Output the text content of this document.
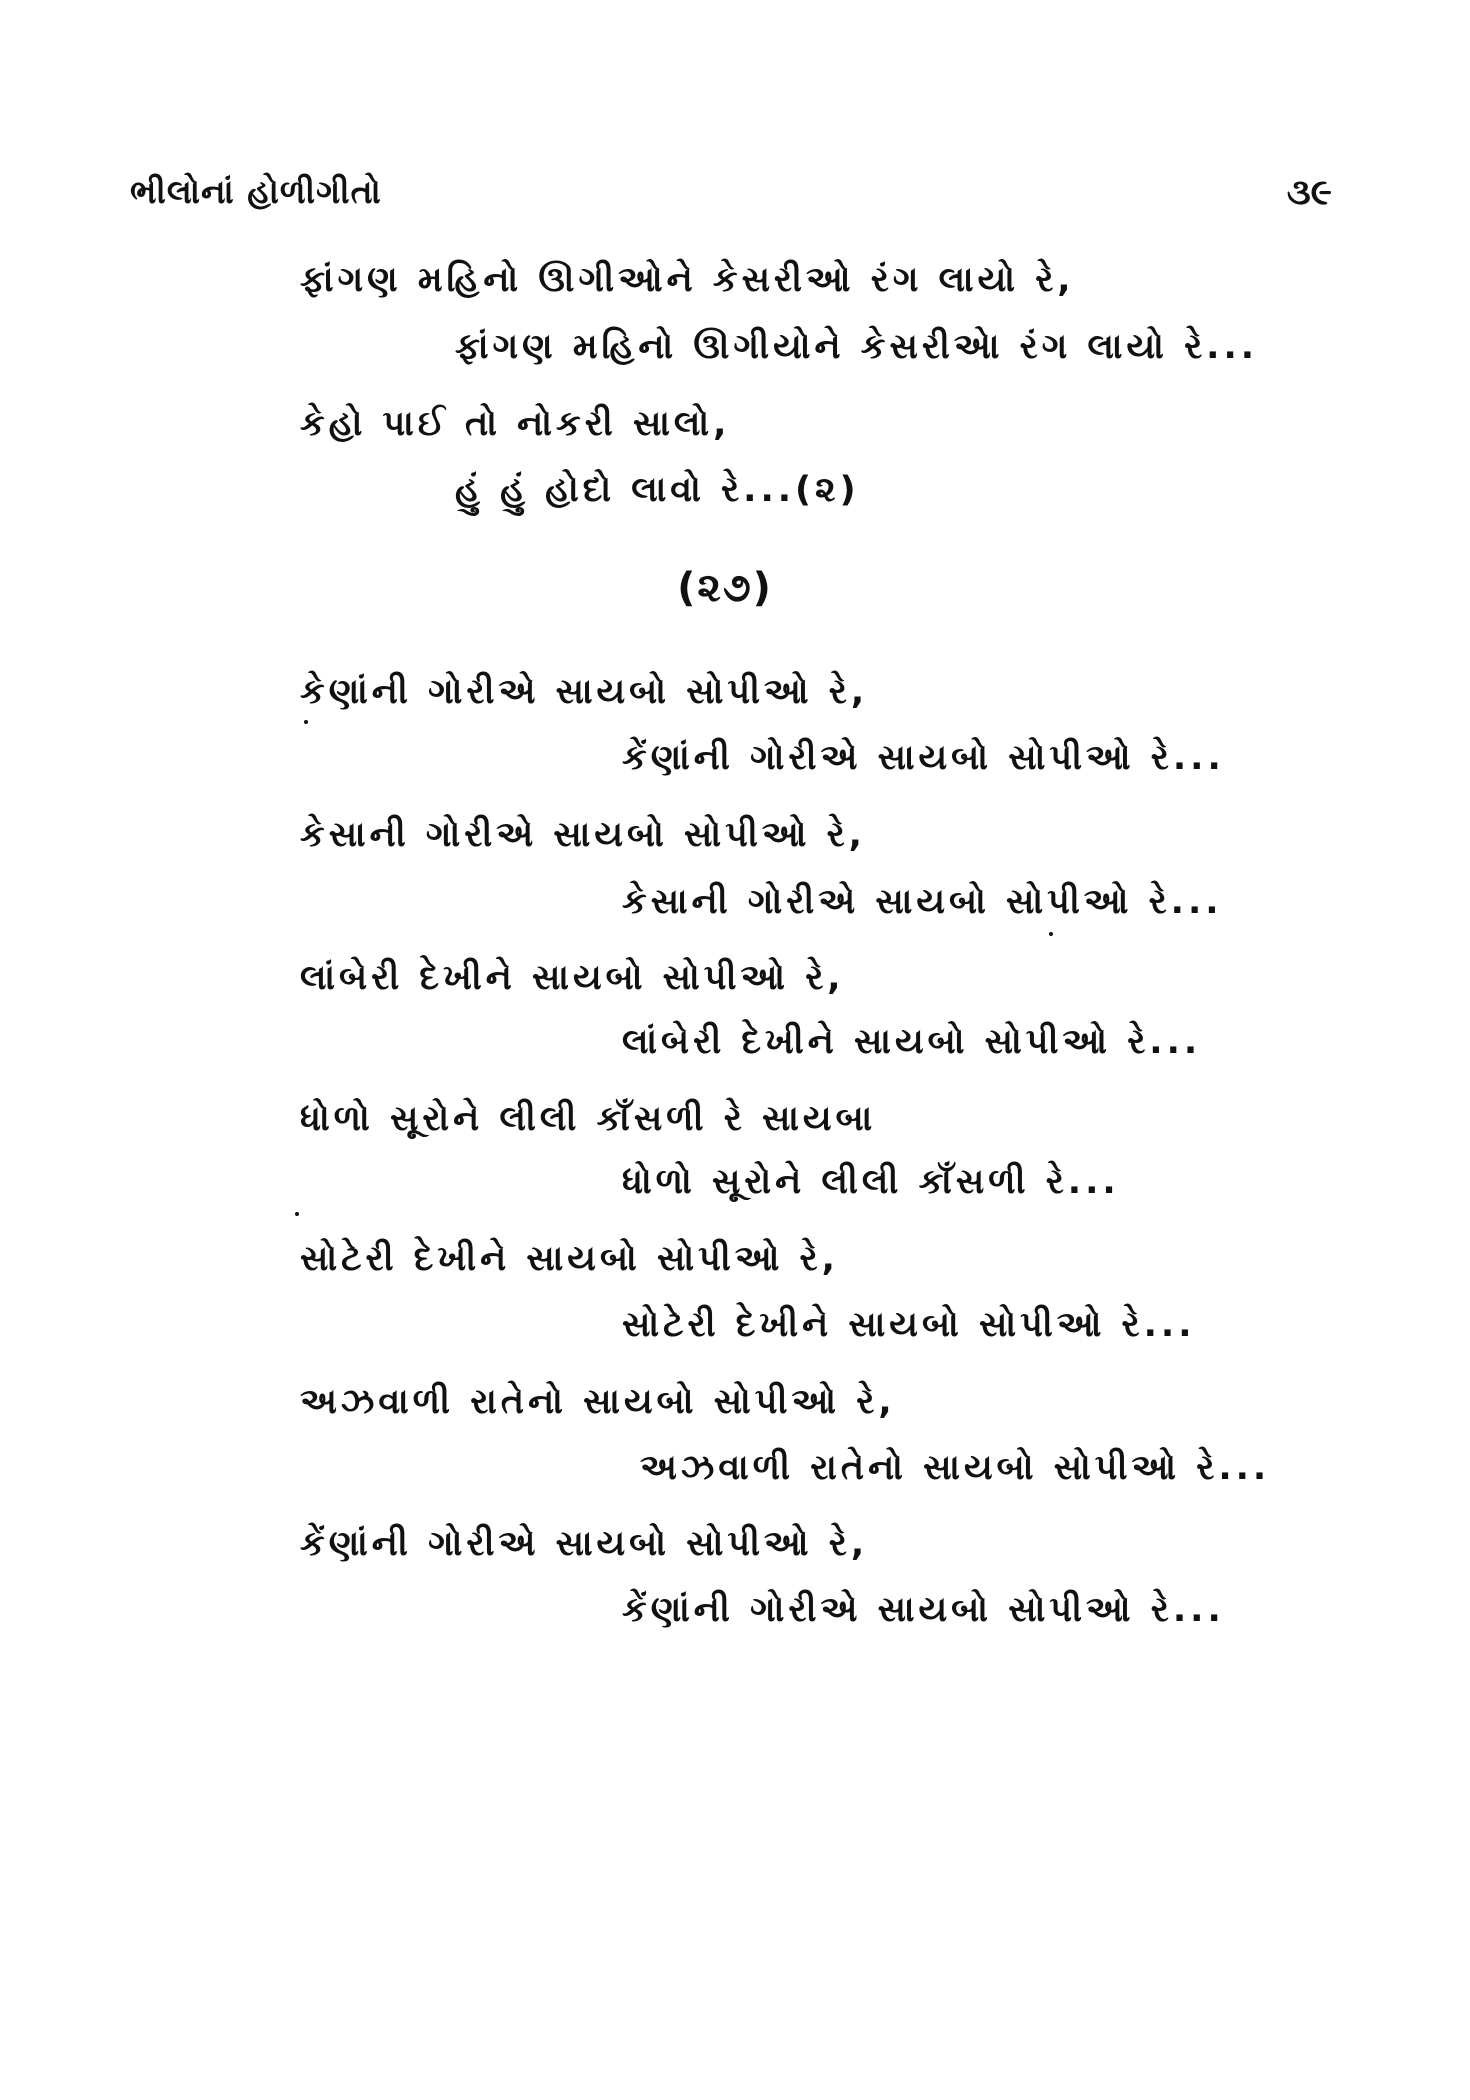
ભીલોનાં હોળીગીતો	૩૯
ફાંગણ મહિનો ઊગીઓને કેસરીઓ રંગ લાયો રે,
ફાંગણ મહિનો ઊગીયોને કેસરીએા રંગ લાયો રે...
કેહો પાઈ તો નોકરી સાલો,
હું હું હોદો લાવો રે...(૨)
(૨૭)
કેણાંની ગોરીએ સાયબો સોપીઓ રે,
કેંણાંની ગોરીએ સાયબો સોપીઓ રે...
કેસાની ગોરીએ સાયબો સોપીઓ રે,
કેસાની ગોરીએ સાયબો સોપીઓ રે...
લાંબેરી દેખીને સાયબો સોપીઓ રે,
લાંબેરી દેખીને સાયબો સોપીઓ રે...
ધોળો સૂરોને લીલી કાઁસળી રે સાયબા
ધોળો સૂરોને લીલી કાઁસળી રે...
સોટેરી દેખીને સાયબો સોપીઓ રે,
સોટેરી દેખીને સાયબો સોપીઓ રે...
અઝવાળી રાતેનો સાયબો સોપીઓ રે,
અઝવાળી રાતેનો સાયબો સોપીઓ રે...
કેંણાંની ગોરીએ સાયબો સોપીઓ રે,
કેંણાંની ગોરીએ સાયબો સોપીઓ રે...
